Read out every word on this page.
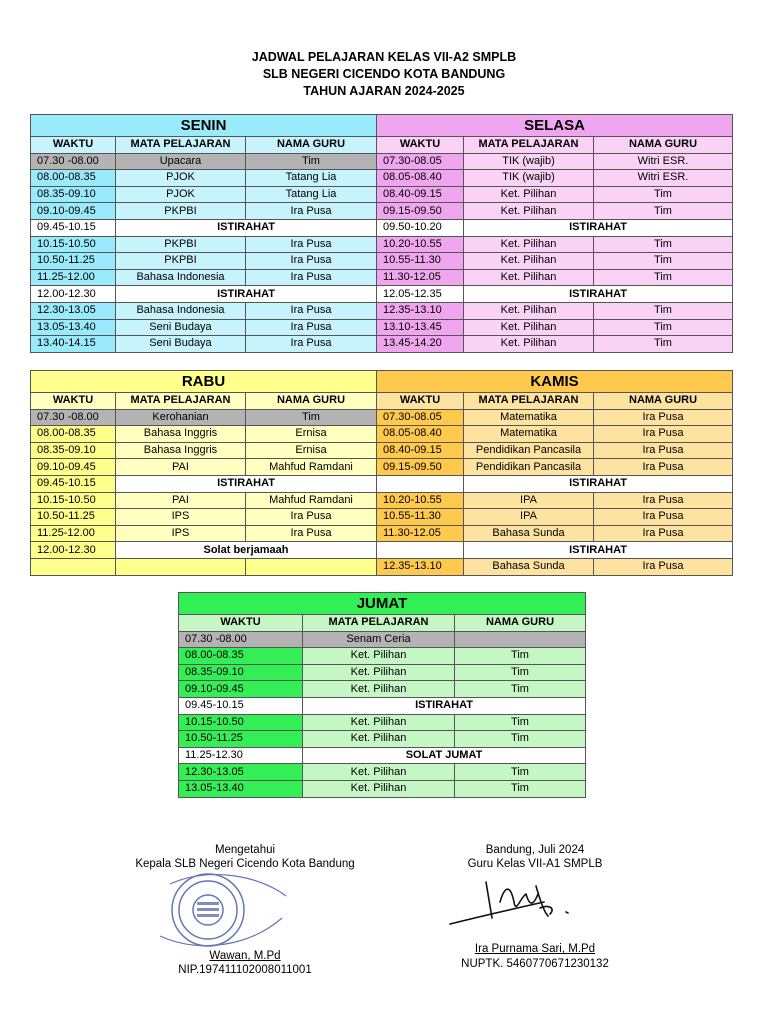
JADWAL PELAJARAN KELAS VII-A2 SMPLB
SLB NEGERI CICENDO KOTA BANDUNG
TAHUN AJARAN 2024-2025
SENIN		
WAKTU	MATA PELAJARAN	NAMA GURU
07.30 -08.00	Upacara	Tim
08.00-08.35	PJOK	Tatang Lia
08.35-09.10	PJOK	Tatang Lia
09.10-09.45	PKPBI	Ira Pusa
09.45-10.15	ISTIRAHAT	
10.15-10.50	PKPBI	Ira Pusa
10.50-11.25	PKPBI	Ira Pusa
11.25-12.00	Bahasa Indonesia	Ira Pusa
12.00-12.30	ISTIRAHAT	
12.30-13.05	Bahasa Indonesia	Ira Pusa
13.05-13.40	Seni Budaya	Ira Pusa
13.40-14.15	Seni Budaya	Ira Pusa
SELASA		
WAKTU	MATA PELAJARAN	NAMA GURU
07.30-08.05	TIK (wajib)	Witri ESR.
08.05-08.40	TIK (wajib)	Witri ESR.
08.40-09.15	Ket. Pilihan	Tim
09.15-09.50	Ket. Pilihan	Tim
09.50-10.20	ISTIRAHAT	
10.20-10.55	Ket. Pilihan	Tim
10.55-11.30	Ket. Pilihan	Tim
11.30-12.05	Ket. Pilihan	Tim
12.05-12.35	ISTIRAHAT	
12.35-13.10	Ket. Pilihan	Tim
13.10-13.45	Ket. Pilihan	Tim
13.45-14.20	Ket. Pilihan	Tim
RABU		
WAKTU	MATA PELAJARAN	NAMA GURU
07.30 -08.00	Kerohanian	Tim
08.00-08.35	Bahasa Inggris	Ernisa
08.35-09.10	Bahasa Inggris	Ernisa
09.10-09.45	PAI	Mahfud Ramdani
09.45-10.15	ISTIRAHAT	
10.15-10.50	PAI	Mahfud Ramdani
10.50-11.25	IPS	Ira Pusa
11.25-12.00	IPS	Ira Pusa
12.00-12.30	Solat berjamaah	

KAMIS		
WAKTU	MATA PELAJARAN	NAMA GURU
07.30-08.05	Matematika	Ira Pusa
08.05-08.40	Matematika	Ira Pusa
08.40-09.15	Pendidikan Pancasila	Ira Pusa
09.15-09.50	Pendidikan Pancasila	Ira Pusa
	ISTIRAHAT	
10.20-10.55	IPA	Ira Pusa
10.55-11.30	IPA	Ira Pusa
11.30-12.05	Bahasa Sunda	Ira Pusa
	ISTIRAHAT	
12.35-13.10	Bahasa Sunda	Ira Pusa
JUMAT		
WAKTU	MATA PELAJARAN	NAMA GURU
07.30 -08.00	Senam Ceria	
08.00-08.35	Ket. Pilihan	Tim
08.35-09.10	Ket. Pilihan	Tim
09.10-09.45	Ket. Pilihan	Tim
09.45-10.15	ISTIRAHAT	
10.15-10.50	Ket. Pilihan	Tim
10.50-11.25	Ket. Pilihan	Tim
11.25-12.30	SOLAT JUMAT	
12.30-13.05	Ket. Pilihan	Tim
13.05-13.40	Ket. Pilihan	Tim
Mengetahui
Kepala SLB Negeri Cicendo Kota Bandung
Wawan, M.Pd
NIP.197411102008011001
Bandung, Juli 2024
Guru Kelas VII-A1 SMPLB
Ira Purnama Sari, M.Pd
NUPTK. 5460770671230132
